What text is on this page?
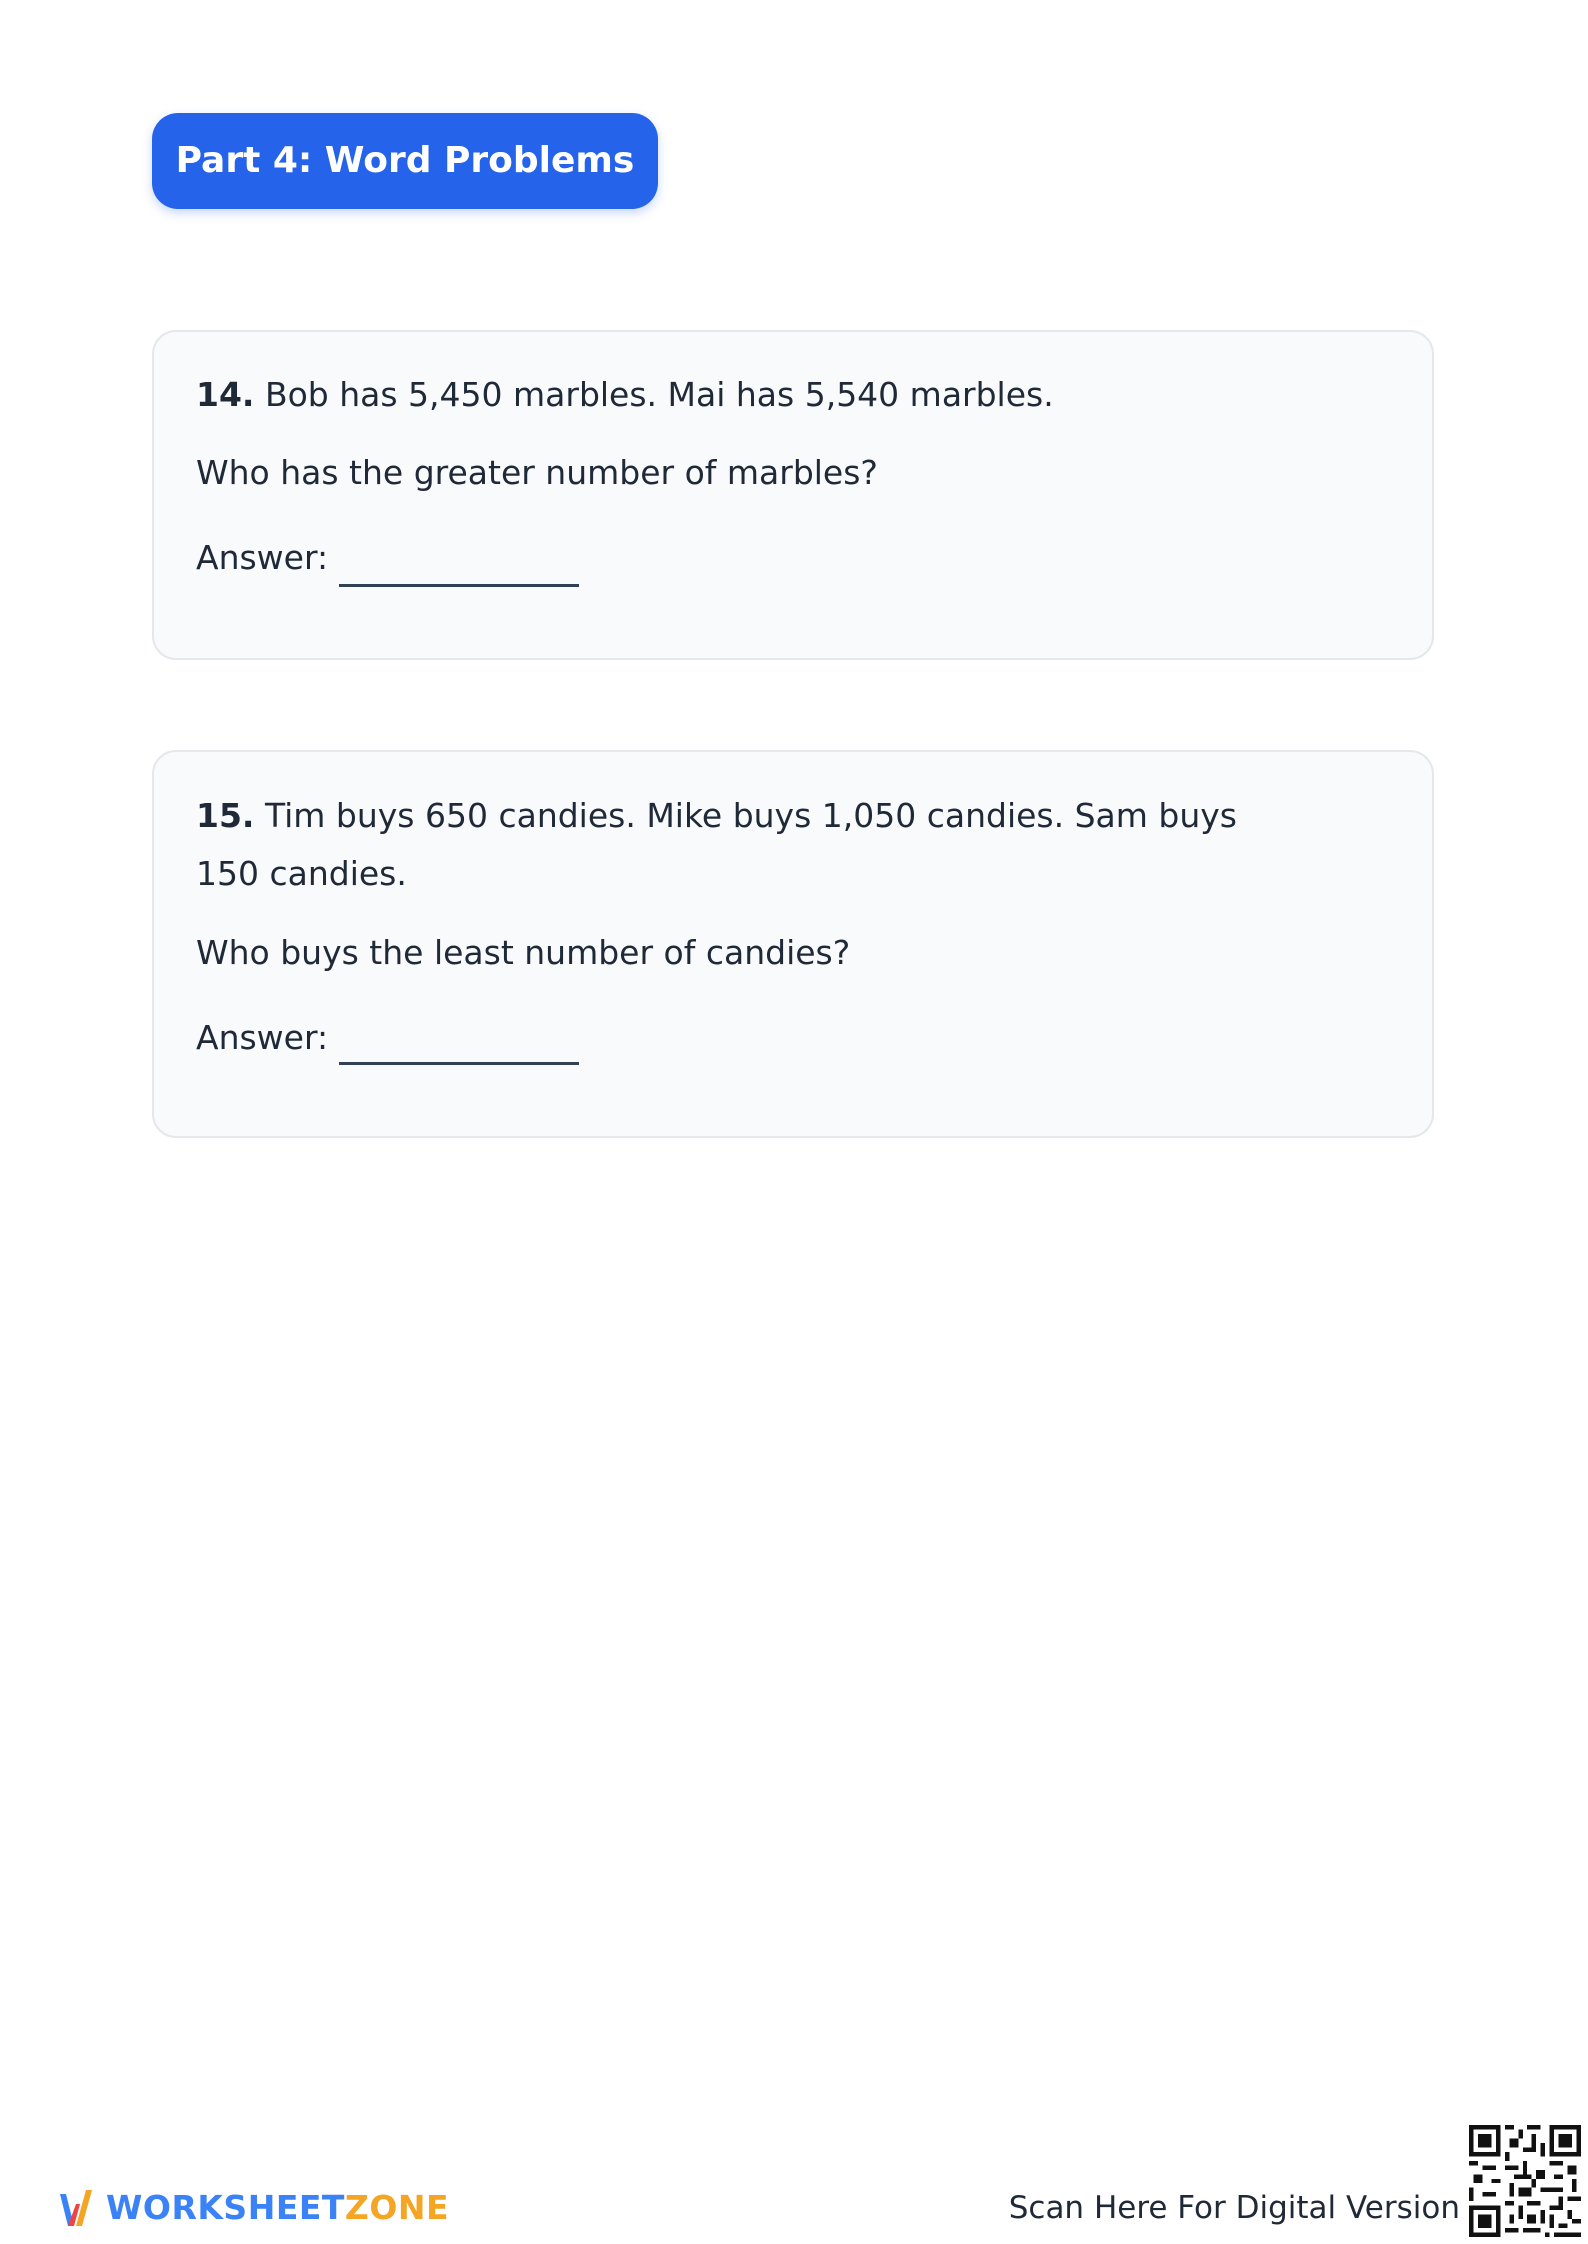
Part 4: Word Problems
14. Bob has 5,450 marbles. Mai has 5,540 marbles.
Who has the greater number of marbles?
Answer:
15. Tim buys 650 candies. Mike buys 1,050 candies. Sam buys 150 candies.
Who buys the least number of candies?
Answer:
WORKSHEETZONE	Scan Here For Digital Version
